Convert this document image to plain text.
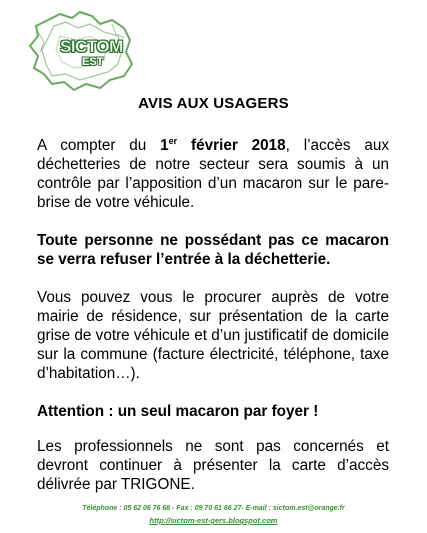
SICTOM
EST
AVIS AUX USAGERS
A compter du 1er février 2018, l’accès aux déchetteries de notre secteur sera soumis à un contrôle par l’apposition d’un macaron sur le pare-brise de votre véhicule.
Toute personne ne possédant pas ce macaron se verra refuser l’entrée à la déchetterie.
Vous pouvez vous le procurer auprès de votre mairie de résidence, sur présentation de la carte grise de votre véhicule et d’un justificatif de domicile sur la commune (facture électricité, téléphone, taxe d’habitation…).
Attention : un seul macaron par foyer !
Les professionnels ne sont pas concernés et devront continuer à présenter la carte d’accès délivrée par TRIGONE.
Téléphone : 05 62 06 76 68 - Fax : 09 70 61 66 27- E-mail : sictom.est@orange.fr
http://sictom-est-gers.blogspot.com
